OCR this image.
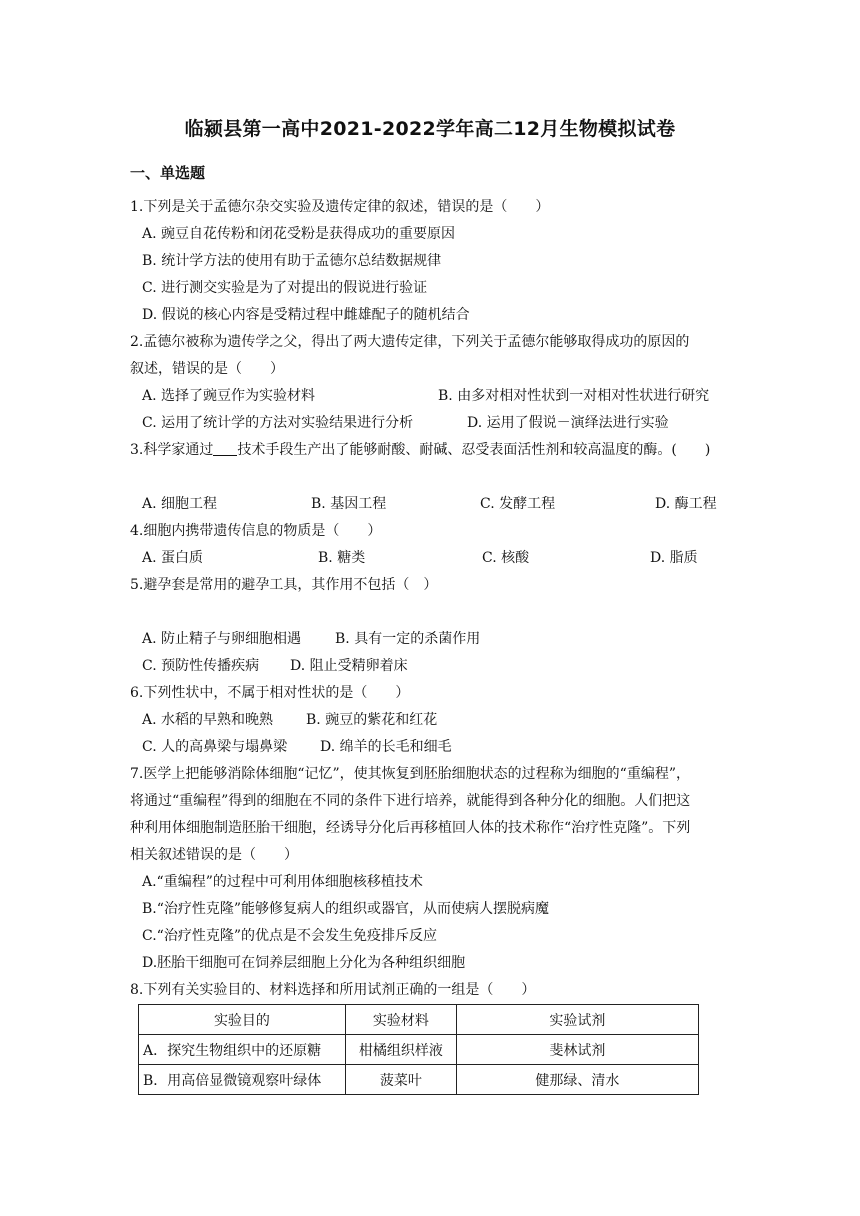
临颍县第一高中2021-2022学年高二12月生物模拟试卷
一、单选题
1.下列是关于孟德尔杂交实验及遗传定律的叙述，错误的是（　　）
A. 豌豆自花传粉和闭花受粉是获得成功的重要原因
B. 统计学方法的使用有助于孟德尔总结数据规律
C. 进行测交实验是为了对提出的假说进行验证
D. 假说的核心内容是受精过程中雌雄配子的随机结合
2.孟德尔被称为遗传学之父，得出了两大遗传定律，下列关于孟德尔能够取得成功的原因的
叙述，错误的是（　　）
A. 选择了豌豆作为实验材料	B. 由多对相对性状到一对相对性状进行研究
C. 运用了统计学的方法对实验结果进行分析	D. 运用了假说－演绎法进行实验
3.科学家通过 技术手段生产出了能够耐酸、耐碱、忍受表面活性剂和较高温度的酶。(　　)
A. 细胞工程	B. 基因工程	C. 发酵工程	D. 酶工程
4.细胞内携带遗传信息的物质是（　　）
A. 蛋白质	B. 糖类	C. 核酸	D. 脂质
5.避孕套是常用的避孕工具，其作用不包括（　）
A. 防止精子与卵细胞相遇 B. 具有一定的杀菌作用
C. 预防性传播疾病 D. 阻止受精卵着床
6.下列性状中，不属于相对性状的是（　　）
A. 水稻的早熟和晚熟 B. 豌豆的紫花和红花
C. 人的高鼻梁与塌鼻梁 D. 绵羊的长毛和细毛
7.医学上把能够消除体细胞“记忆”，使其恢复到胚胎细胞状态的过程称为细胞的“重编程”，
将通过“重编程”得到的细胞在不同的条件下进行培养，就能得到各种分化的细胞。人们把这
种利用体细胞制造胚胎干细胞，经诱导分化后再移植回人体的技术称作“治疗性克隆”。下列
相关叙述错误的是（　　）
A.“重编程”的过程中可利用体细胞核移植技术
B.“治疗性克隆”能够修复病人的组织或器官，从而使病人摆脱病魔
C.“治疗性克隆”的优点是不会发生免疫排斥反应
D.胚胎干细胞可在饲养层细胞上分化为各种组织细胞
8.下列有关实验目的、材料选择和所用试剂正确的一组是（　　）
实验目的	实验材料	实验试剂
A．探究生物组织中的还原糖	柑橘组织样液	斐林试剂
B．用高倍显微镜观察叶绿体	菠菜叶	健那绿、清水
